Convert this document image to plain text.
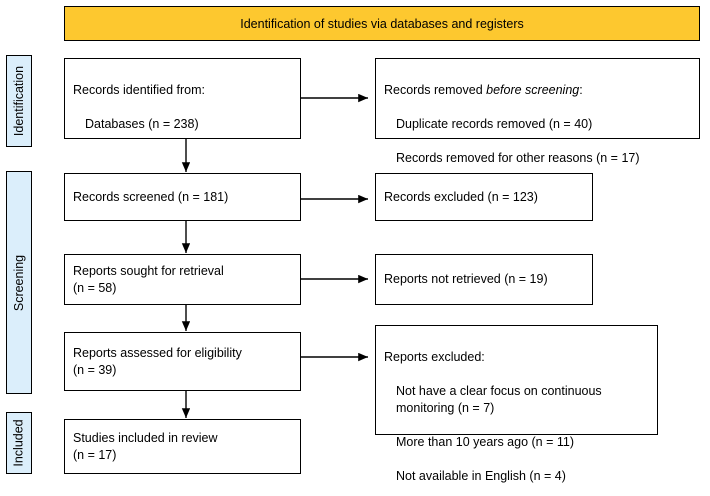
Identification of studies via databases and registers
Identification
Screening
Included

Records identified from:

Databases (n = 238)

Records removed before screening:

Duplicate records removed (n = 40)

Records removed for other reasons (n = 17)

Records screened (n = 181)	Records excluded (n = 123)
Reports sought for retrieval
(n = 58)
Reports not retrieved (n = 19)
Reports assessed for eligibility
(n = 39)

Reports excluded:

Not have a clear focus on continuous monitoring (n = 7)

More than 10 years ago (n = 11)

Not available in English (n = 4)

Studies included in review
(n = 17)
